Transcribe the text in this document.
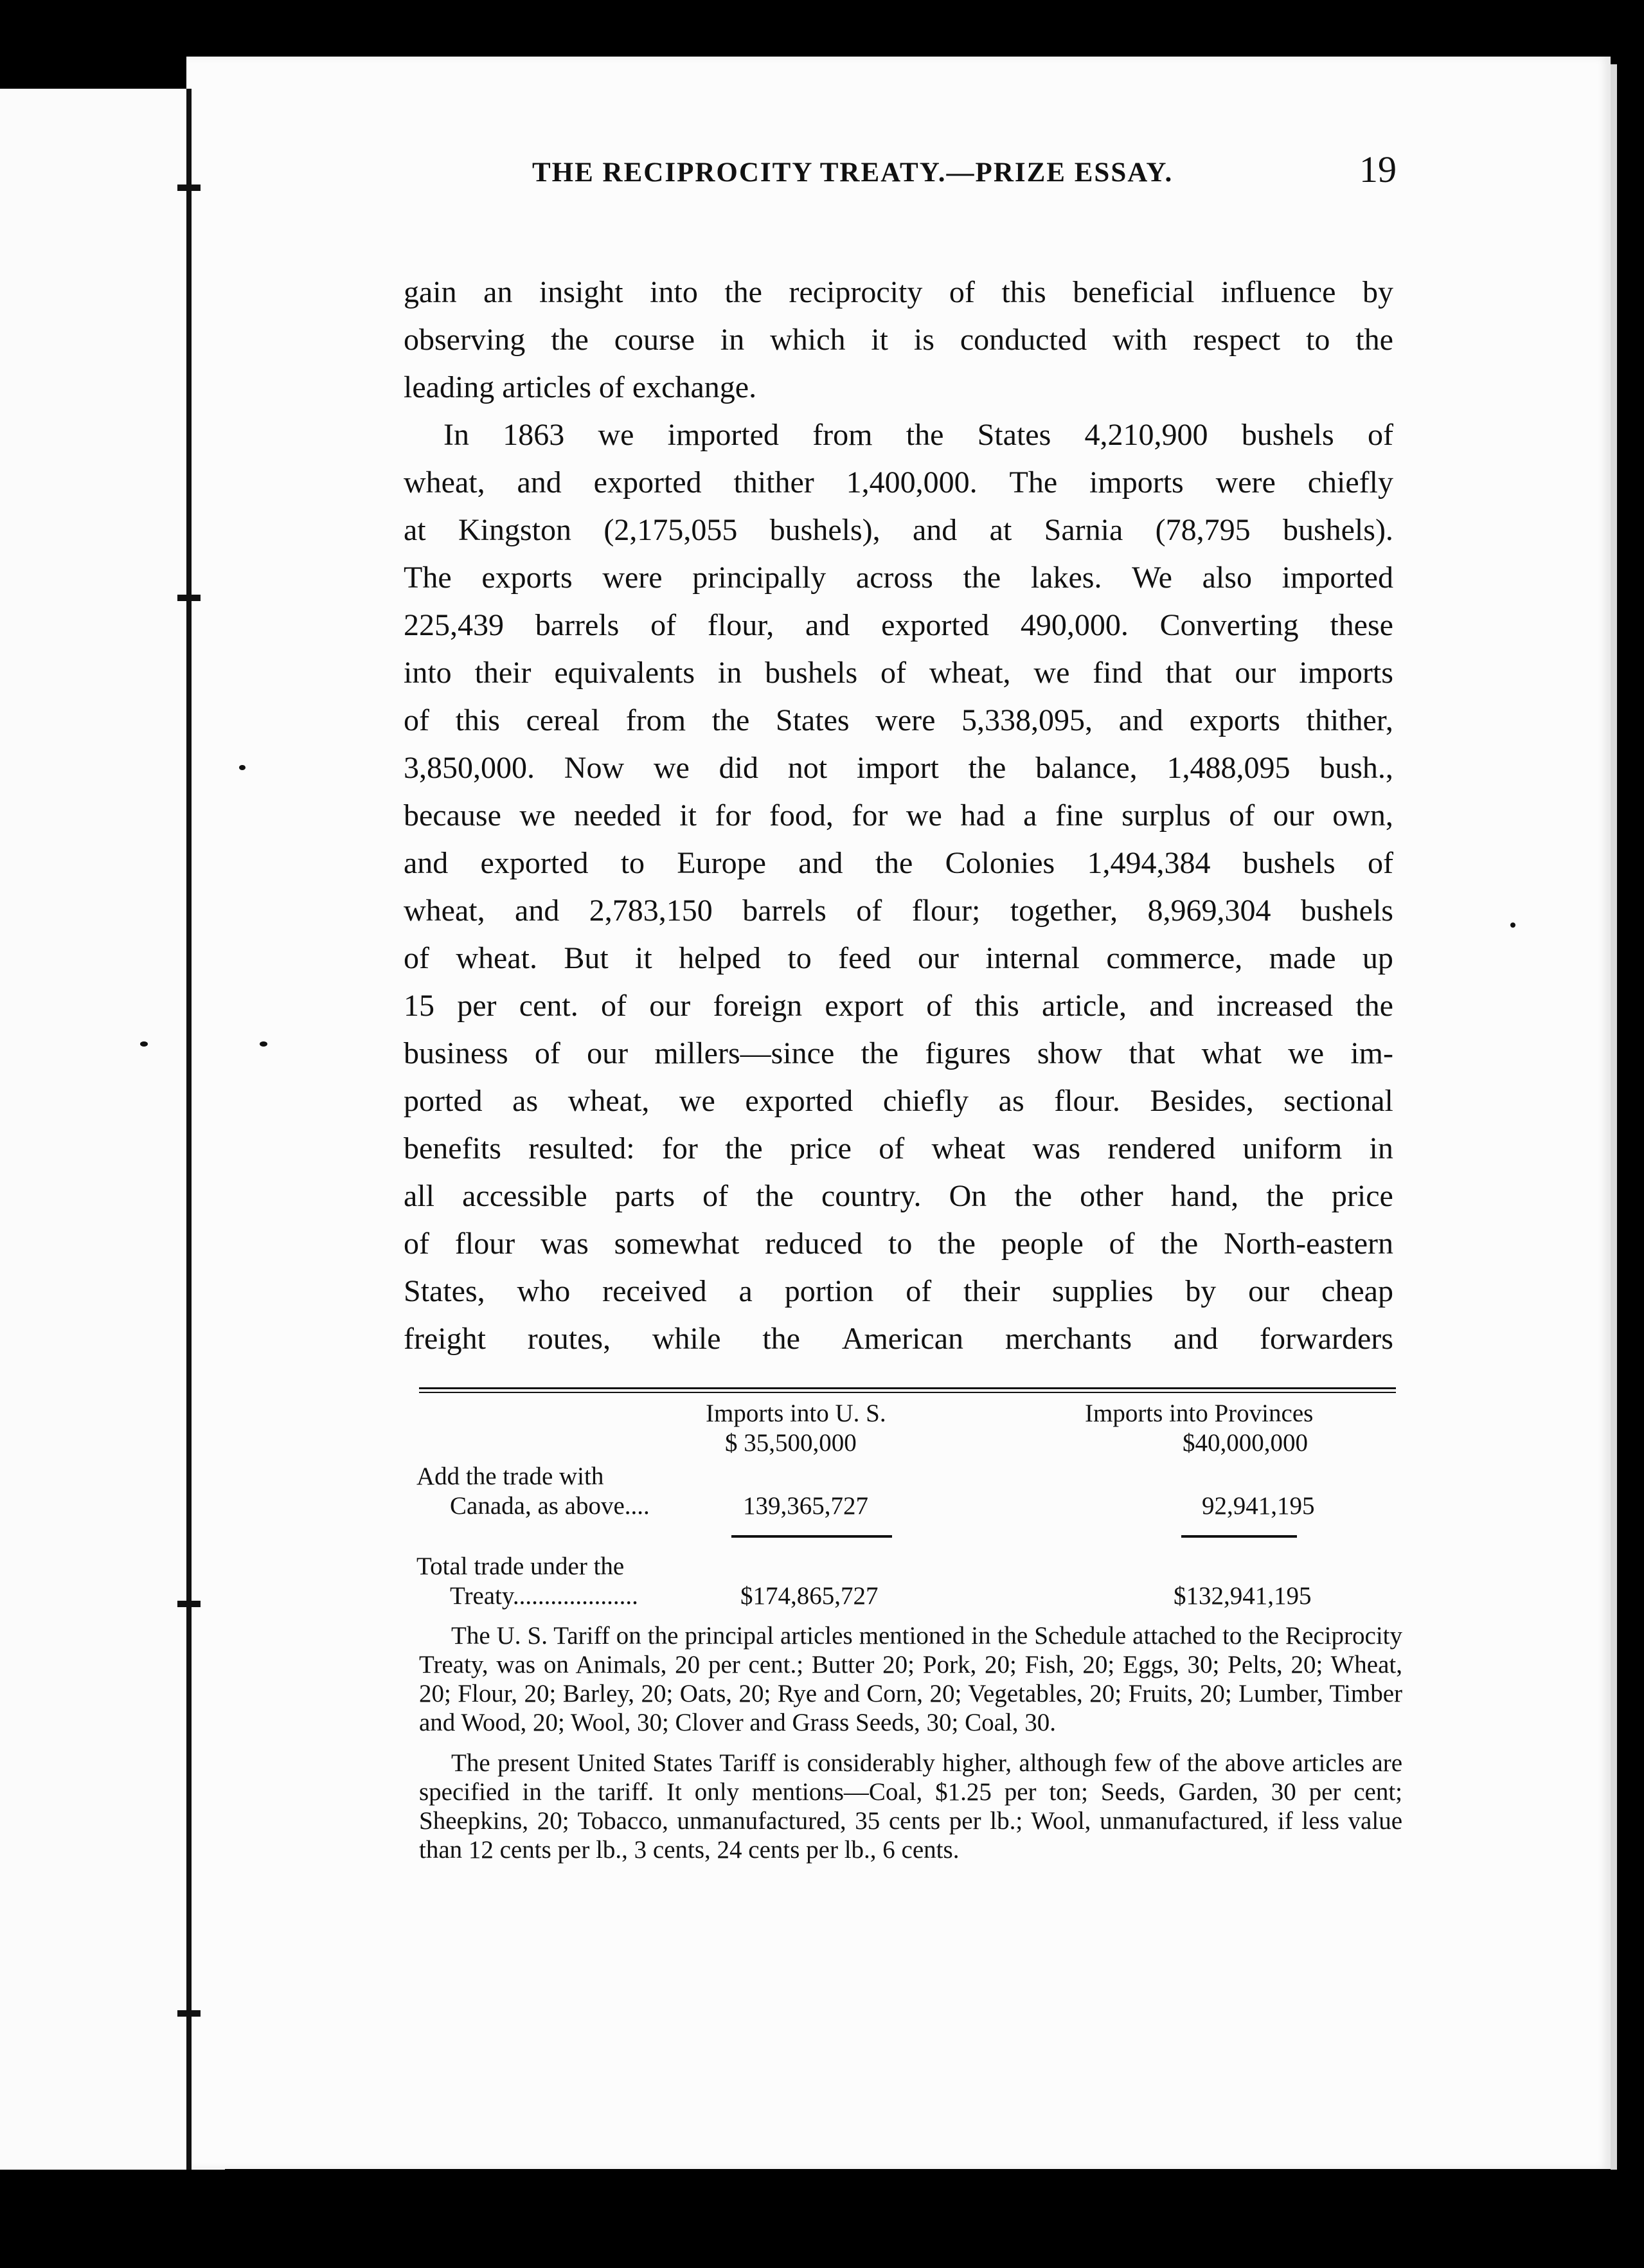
THE RECIPROCITY TREATY.—PRIZE ESSAY.	19
gain an insight into the reciprocity of this beneficial influence by
observing the course in which it is conducted with respect to the
leading articles of exchange.
In 1863 we imported from the States 4,210,900 bushels of
wheat, and exported thither 1,400,000. The imports were chiefly
at Kingston (2,175,055 bushels), and at Sarnia (78,795 bushels).
The exports were principally across the lakes. We also imported
225,439 barrels of flour, and exported 490,000. Converting these
into their equivalents in bushels of wheat, we find that our imports
of this cereal from the States were 5,338,095, and exports thither,
3,850,000. Now we did not import the balance, 1,488,095 bush.,
because we needed it for food, for we had a fine surplus of our own,
and exported to Europe and the Colonies 1,494,384 bushels of
wheat, and 2,783,150 barrels of flour; together, 8,969,304 bushels
of wheat. But it helped to feed our internal commerce, made up
15 per cent. of our foreign export of this article, and increased the
business of our millers—since the figures show that what we im-
ported as wheat, we exported chiefly as flour. Besides, sectional
benefits resulted: for the price of wheat was rendered uniform in
all accessible parts of the country. On the other hand, the price
of flour was somewhat reduced to the people of the North-eastern
States, who received a portion of their supplies by our cheap
freight routes, while the American merchants and forwarders
Imports into U. S.	Imports into Provinces
$ 35,500,000	$40,000,000
Add the trade with
Canada, as above....	139,365,727	92,941,195
Total trade under the
Treaty....................	$174,865,727	$132,941,195

The U. S. Tariff on the principal articles mentioned in the Schedule attached to the Reciprocity Treaty, was on Animals, 20 per cent.; Butter 20; Pork, 20; Fish, 20; Eggs, 30; Pelts, 20; Wheat, 20; Flour, 20; Barley, 20; Oats, 20; Rye and Corn, 20; Vegetables, 20; Fruits, 20; Lumber, Timber and Wood, 20; Wool, 30; Clover and Grass Seeds, 30; Coal, 30.

The present United States Tariff is considerably higher, although few of the above articles are specified in the tariff. It only mentions—Coal, $1.25 per ton; Seeds, Garden, 30 per cent; Sheepkins, 20; Tobacco, unmanufactured, 35 cents per lb.; Wool, unmanufactured, if less value than 12 cents per lb., 3 cents, 24 cents per lb., 6 cents.
